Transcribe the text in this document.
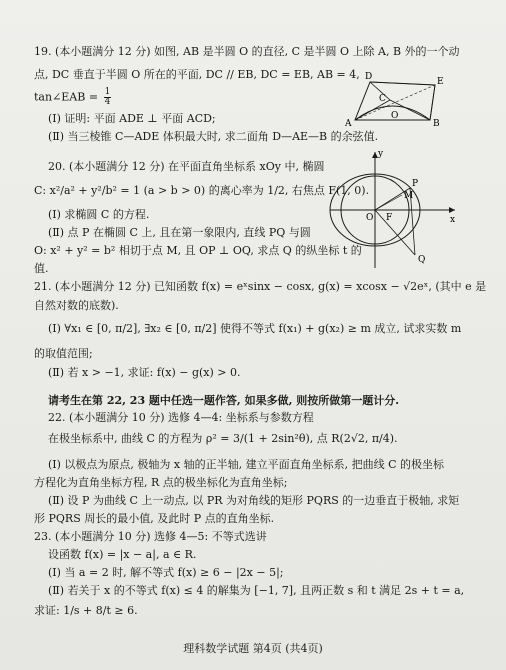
19. (本小题满分 12 分) 如图, AB 是半圆 O 的直径, C 是半圆 O 上除 A, B 外的一个动
点, DC 垂直于半圆 O 所在的平面, DC // EB, DC = EB, AB = 4,
tan∠EAB = $\frac{1}{4}$
(Ⅰ) 证明: 平面 ADE ⊥ 平面 ACD;
(Ⅱ) 当三棱锥 C—ADE 体积最大时, 求二面角 D—AE—B 的余弦值.
D	E
C
A	B
O
20. (本小题满分 12 分) 在平面直角坐标系 xOy 中, 椭圆
C: x²/a² + y²/b² = 1 (a > b > 0) 的离心率为 1/2, 右焦点 F(1, 0).
(Ⅰ) 求椭圆 C 的方程.
(Ⅱ) 点 P 在椭圆 C 上, 且在第一象限内, 直线 PQ 与圆
O: x² + y² = b² 相切于点 M, 且 OP ⊥ OQ, 求点 Q 的纵坐标 t 的
值.
y
x
P
M
O F
Q
21. (本小题满分 12 分) 已知函数 f(x) = eˣsinx − cosx, g(x) = xcosx − √2eˣ, (其中 e 是
自然对数的底数).
(Ⅰ) ∀x₁ ∈ [0, π/2], ∃x₂ ∈ [0, π/2] 使得不等式 f(x₁) + g(x₂) ≥ m 成立, 试求实数 m
的取值范围;
(Ⅱ) 若 x > −1, 求证: f(x) − g(x) > 0.
请考生在第 22, 23 题中任选一题作答, 如果多做, 则按所做第一题计分.
22. (本小题满分 10 分) 选修 4—4: 坐标系与参数方程
在极坐标系中, 曲线 C 的方程为 ρ² = 3/(1 + 2sin²θ), 点 R(2√2, π/4).
(Ⅰ) 以极点为原点, 极轴为 x 轴的正半轴, 建立平面直角坐标系, 把曲线 C 的极坐标
方程化为直角坐标方程, R 点的极坐标化为直角坐标;
(Ⅱ) 设 P 为曲线 C 上一动点, 以 PR 为对角线的矩形 PQRS 的一边垂直于极轴, 求矩
形 PQRS 周长的最小值, 及此时 P 点的直角坐标.
23. (本小题满分 10 分) 选修 4—5: 不等式选讲
设函数 f(x) = |x − a|, a ∈ R.
(Ⅰ) 当 a = 2 时, 解不等式 f(x) ≥ 6 − |2x − 5|;
(Ⅱ) 若关于 x 的不等式 f(x) ≤ 4 的解集为 [−1, 7], 且两正数 s 和 t 满足 2s + t = a,
求证: 1/s + 8/t ≥ 6.
理科数学试题 第4页 (共4页)
